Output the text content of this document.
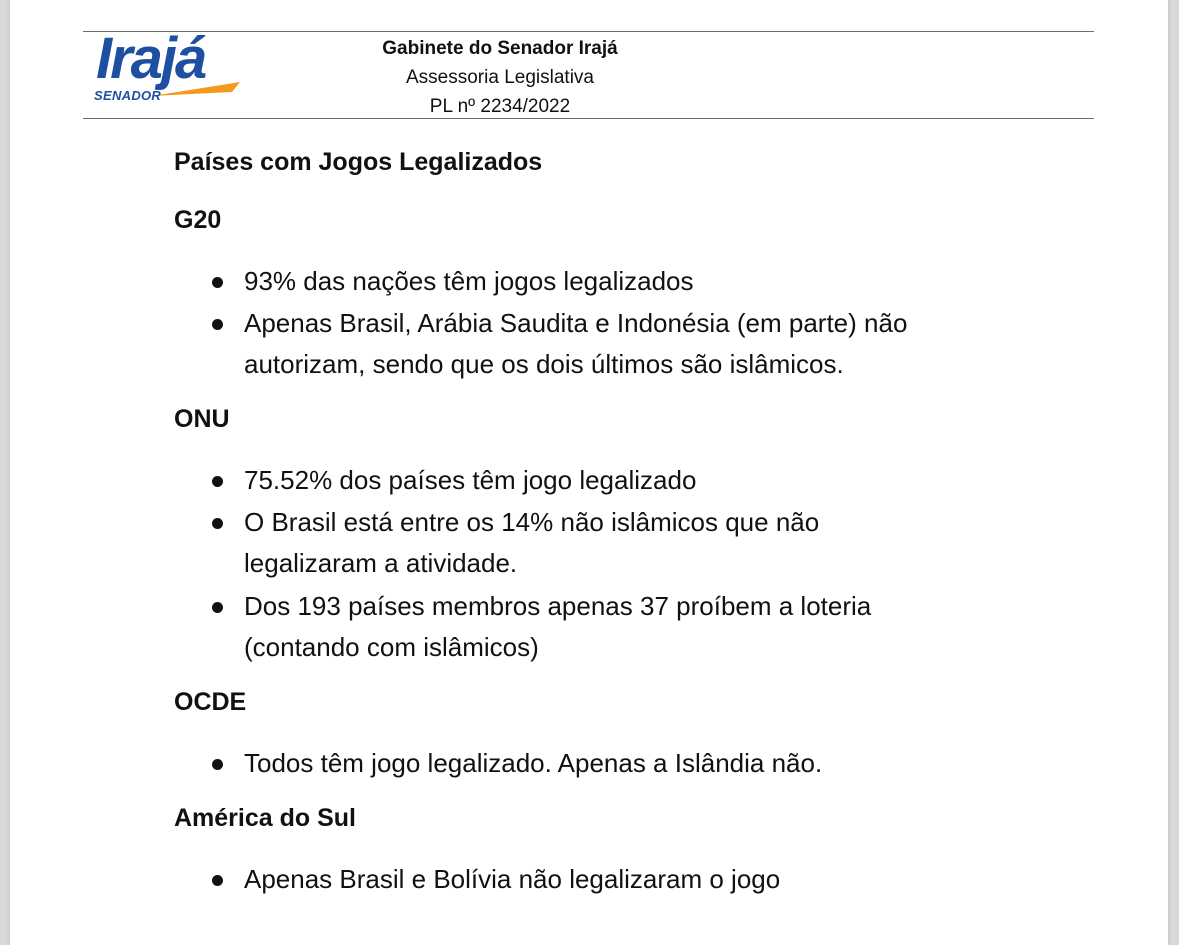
Irajá
SENADOR
Gabinete do Senador Irajá
Assessoria Legislativa
PL nº 2234/2022
Países com Jogos Legalizados
G20
93% das nações têm jogos legalizados
Apenas Brasil, Arábia Saudita e Indonésia (em parte) não
autorizam, sendo que os dois últimos são islâmicos.
ONU
75.52% dos países têm jogo legalizado
O Brasil está entre os 14% não islâmicos que não
legalizaram a atividade.
Dos 193 países membros apenas 37 proíbem a loteria
(contando com islâmicos)
OCDE
Todos têm jogo legalizado. Apenas a Islândia não.
América do Sul
Apenas Brasil e Bolívia não legalizaram o jogo
